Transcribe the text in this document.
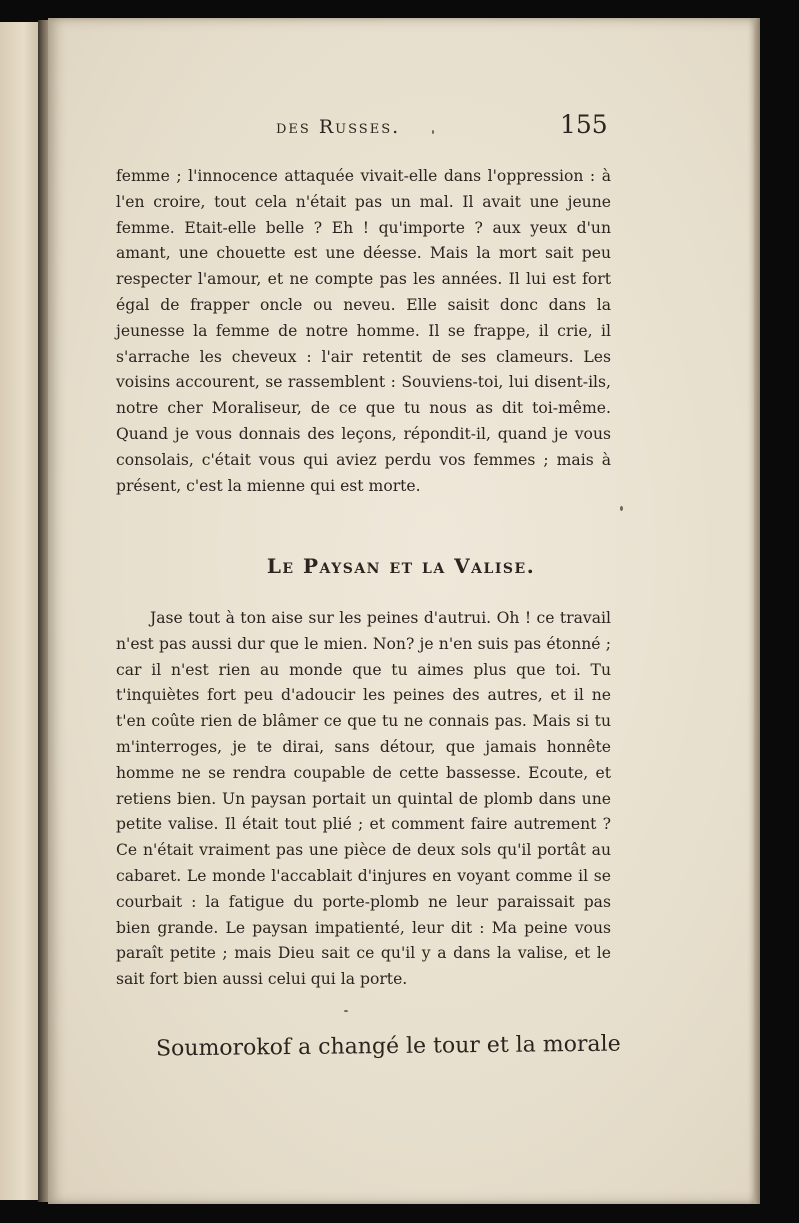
des Russes.	155

femme ; l'innocence attaquée vivait-elle dans l'oppression : à l'en croire, tout cela n'était pas un mal. Il avait une jeune femme. Etait-elle belle ? Eh ! qu'importe ? aux yeux d'un amant, une chouette est une déesse. Mais la mort sait peu respecter l'amour, et ne compte pas les années. Il lui est fort égal de frapper oncle ou neveu. Elle saisit donc dans la jeunesse la femme de notre homme. Il se frappe, il crie, il s'arrache les cheveux : l'air retentit de ses clameurs. Les voisins accourent, se rassemblent : Souviens-toi, lui disent-ils, notre cher Moraliseur, de ce que tu nous as dit toi-même. Quand je vous donnais des leçons, répondit-il, quand je vous consolais, c'était vous qui aviez perdu vos femmes ; mais à présent, c'est la mienne qui est morte.

Le Paysan et la Valise.

Jase tout à ton aise sur les peines d'autrui. Oh ! ce travail n'est pas aussi dur que le mien. Non? je n'en suis pas étonné ; car il n'est rien au monde que tu aimes plus que toi. Tu t'inquiètes fort peu d'adoucir les peines des autres, et il ne t'en coûte rien de blâmer ce que tu ne connais pas. Mais si tu m'interroges, je te dirai, sans détour, que jamais honnête homme ne se rendra coupable de cette bassesse. Ecoute, et retiens bien. Un paysan portait un quintal de plomb dans une petite valise. Il était tout plié ; et comment faire autrement ? Ce n'était vraiment pas une pièce de deux sols qu'il portât au cabaret. Le monde l'accablait d'injures en voyant comme il se courbait : la fatigue du porte-plomb ne leur paraissait pas bien grande. Le paysan impatienté, leur dit : Ma peine vous paraît petite ; mais Dieu sait ce qu'il y a dans la valise, et le sait fort bien aussi celui qui la porte.

Soumorokof a changé le tour et la morale
